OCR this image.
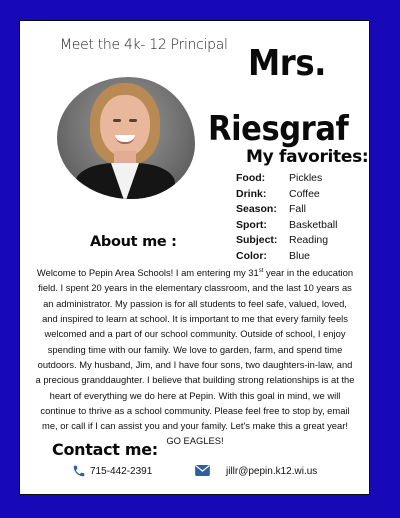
Meet the 4k- 12 Principal Mrs.
Riesgraf
My favorites:
Food: Pickles
Drink: Coffee
Season: Fall
Sport: Basketball
Subject: Reading
Color: Blue
About me :
Welcome to Pepin Area Schools! I am entering my 31st year in the education field. I spent 20 years in the elementary classroom, and the last 10 years as an administrator. My passion is for all students to feel safe, valued, loved, and inspired to learn at school. It is important to me that every family feels welcomed and a part of our school community. Outside of school, I enjoy spending time with our family. We love to garden, farm, and spend time outdoors. My husband, Jim, and I have four sons, two daughters-in-law, and a precious granddaughter. I believe that building strong relationships is at the heart of everything we do here at Pepin. With this goal in mind, we will continue to thrive as a school community. Please feel free to stop by, email me, or call if I can assist you and your family. Let's make this a great year! GO EAGLES!
Contact me:
715-442-2391	jillr@pepin.k12.wi.us
